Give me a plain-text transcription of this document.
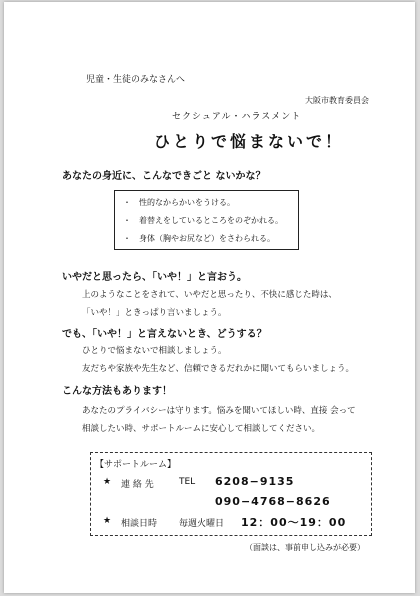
児童・生徒のみなさんへ
大阪市教育委員会
セクシュアル・ハラスメント
ひとりで悩まないで！
あなたの身近に、こんなできごと ないかな？
・ 性的なからかいをうける。
・ 着替えをしているところをのぞかれる。
・ 身体（胸やお尻など）をさわられる。
いやだと思ったら、「いや！」と言おう。
上のようなことをされて、いやだと思ったり、不快に感じた時は、
「いや！」ときっぱり言いましょう。
でも、「いや！」と言えないとき、どうする？
ひとりで悩まないで相談しましょう。
友だちや家族や先生など、信頼できるだれかに聞いてもらいましょう。
こんな方法もあります！
あなたのプライバシーは守ります。悩みを聞いてほしい時、直接 会って
相談したい時、サポートルームに安心して相談してください。
【サポートルーム】
★ 連 絡 先	TEL 6208−9135
090−4768−8626
★ 相談日時 毎週火曜日 12：00〜19：00
（面談は、事前申し込みが必要）
